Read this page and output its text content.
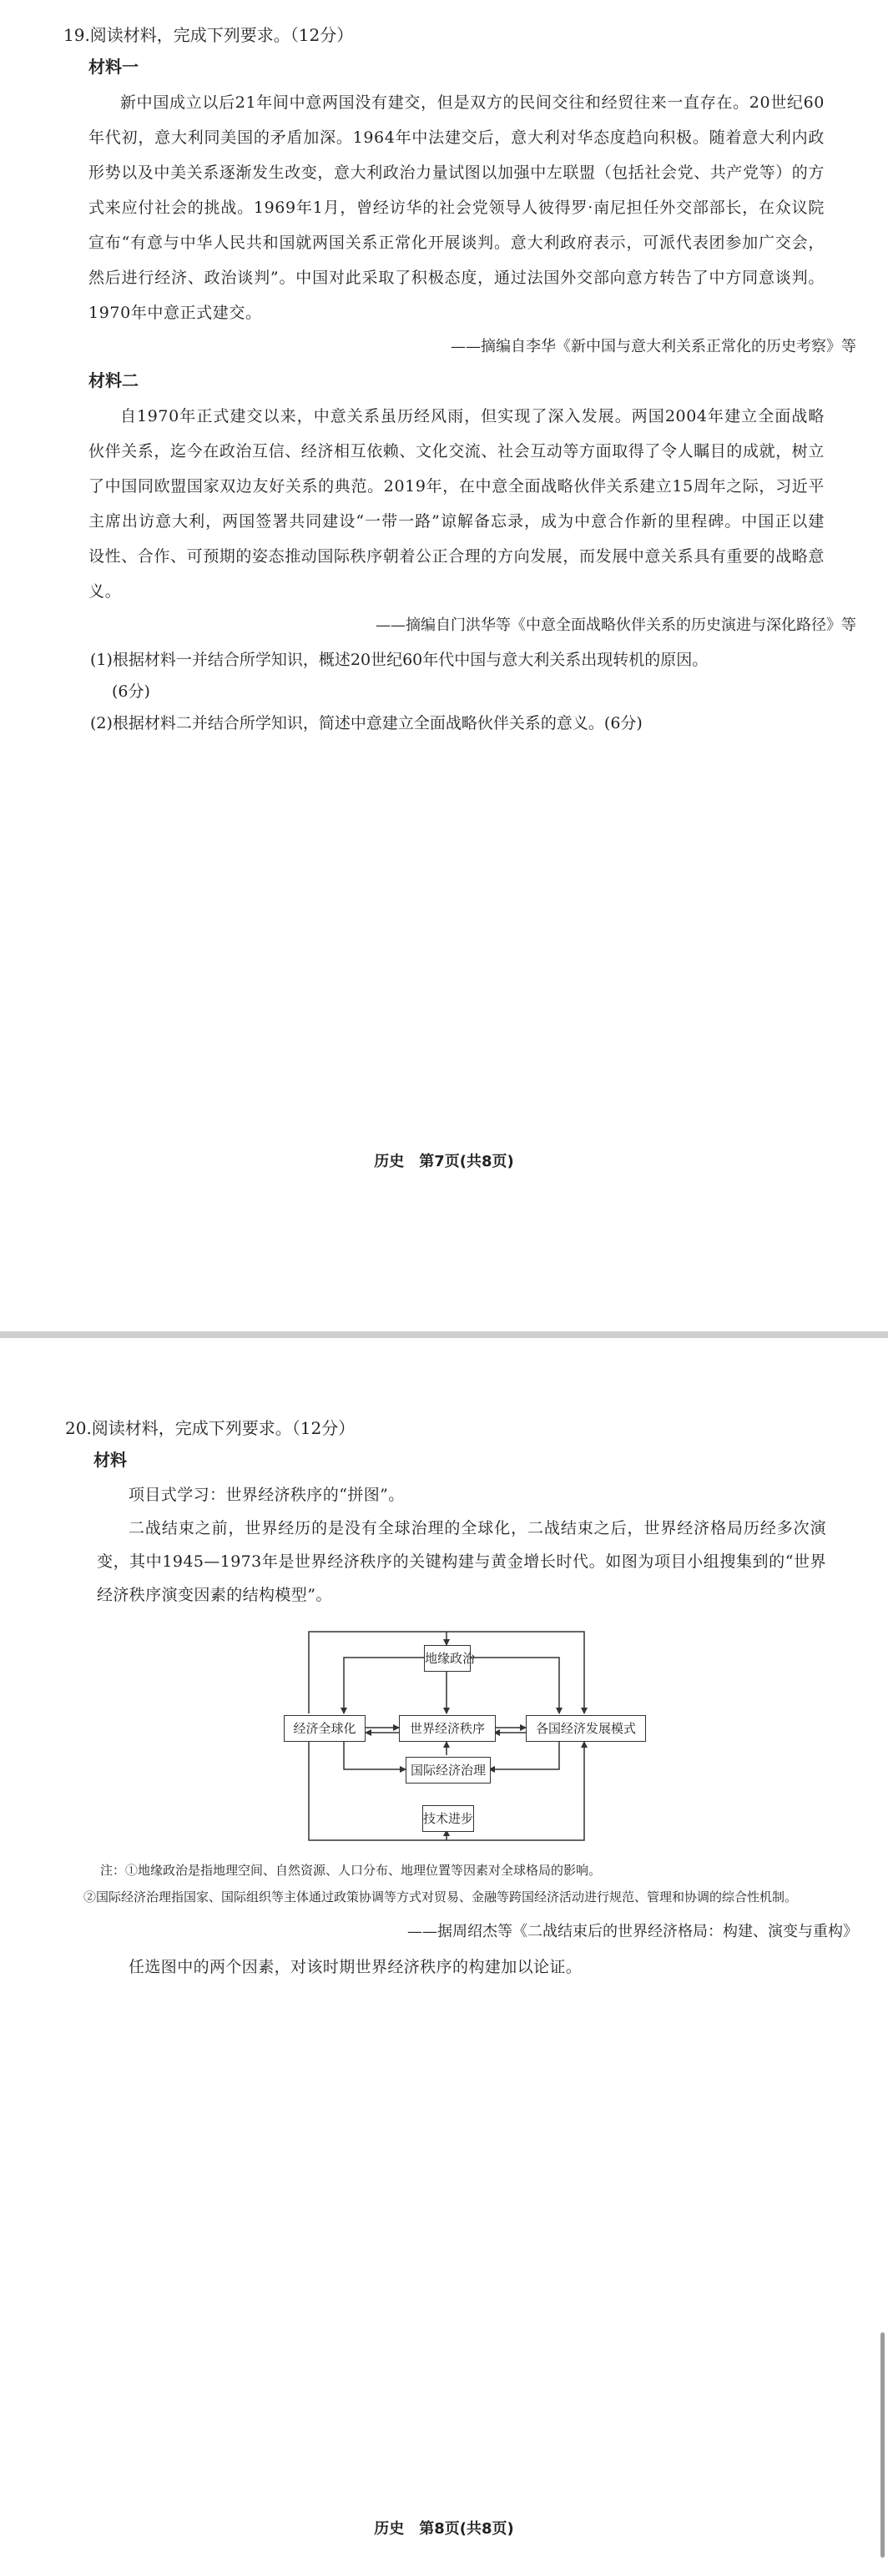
19.阅读材料，完成下列要求。（12分）
材料一

新中国成立以后21年间中意两国没有建交，但是双方的民间交往和经贸往来一直存在。20世纪60年代初，意大利同美国的矛盾加深。1964年中法建交后，意大利对华态度趋向积极。随着意大利内政形势以及中美关系逐渐发生改变，意大利政治力量试图以加强中左联盟（包括社会党、共产党等）的方式来应付社会的挑战。1969年1月，曾经访华的社会党领导人彼得罗·南尼担任外交部部长，在众议院宣布“有意与中华人民共和国就两国关系正常化开展谈判。意大利政府表示，可派代表团参加广交会，然后进行经济、政治谈判”。中国对此采取了积极态度，通过法国外交部向意方转告了中方同意谈判。1970年中意正式建交。

——摘编自李华《新中国与意大利关系正常化的历史考察》等
材料二

自1970年正式建交以来，中意关系虽历经风雨，但实现了深入发展。两国2004年建立全面战略伙伴关系，迄今在政治互信、经济相互依赖、文化交流、社会互动等方面取得了令人瞩目的成就，树立了中国同欧盟国家双边友好关系的典范。2019年，在中意全面战略伙伴关系建立15周年之际，习近平主席出访意大利，两国签署共同建设“一带一路”谅解备忘录，成为中意合作新的里程碑。中国正以建设性、合作、可预期的姿态推动国际秩序朝着公正合理的方向发展，而发展中意关系具有重要的战略意义。

——摘编自门洪华等《中意全面战略伙伴关系的历史演进与深化路径》等
(1)根据材料一并结合所学知识，概述20世纪60年代中国与意大利关系出现转机的原因。
(6分)
(2)根据材料二并结合所学知识，简述中意建立全面战略伙伴关系的意义。(6分)
历史　第7页(共8页)
20.阅读材料，完成下列要求。（12分）
材料
项目式学习：世界经济秩序的“拼图”。
二战结束之前，世界经历的是没有全球治理的全球化，二战结束之后，世界经济格局历经多次演变，其中1945—1973年是世界经济秩序的关键构建与黄金增长时代。如图为项目小组搜集到的“世界经济秩序演变因素的结构模型”。
地缘政治
经济全球化	世界经济秩序	各国经济发展模式
国际经济治理
技术进步
注：①地缘政治是指地理空间、自然资源、人口分布、地理位置等因素对全球格局的影响。
②国际经济治理指国家、国际组织等主体通过政策协调等方式对贸易、金融等跨国经济活动进行规范、管理和协调的综合性机制。
——据周绍杰等《二战结束后的世界经济格局：构建、演变与重构》
任选图中的两个因素，对该时期世界经济秩序的构建加以论证。
历史　第8页(共8页)
